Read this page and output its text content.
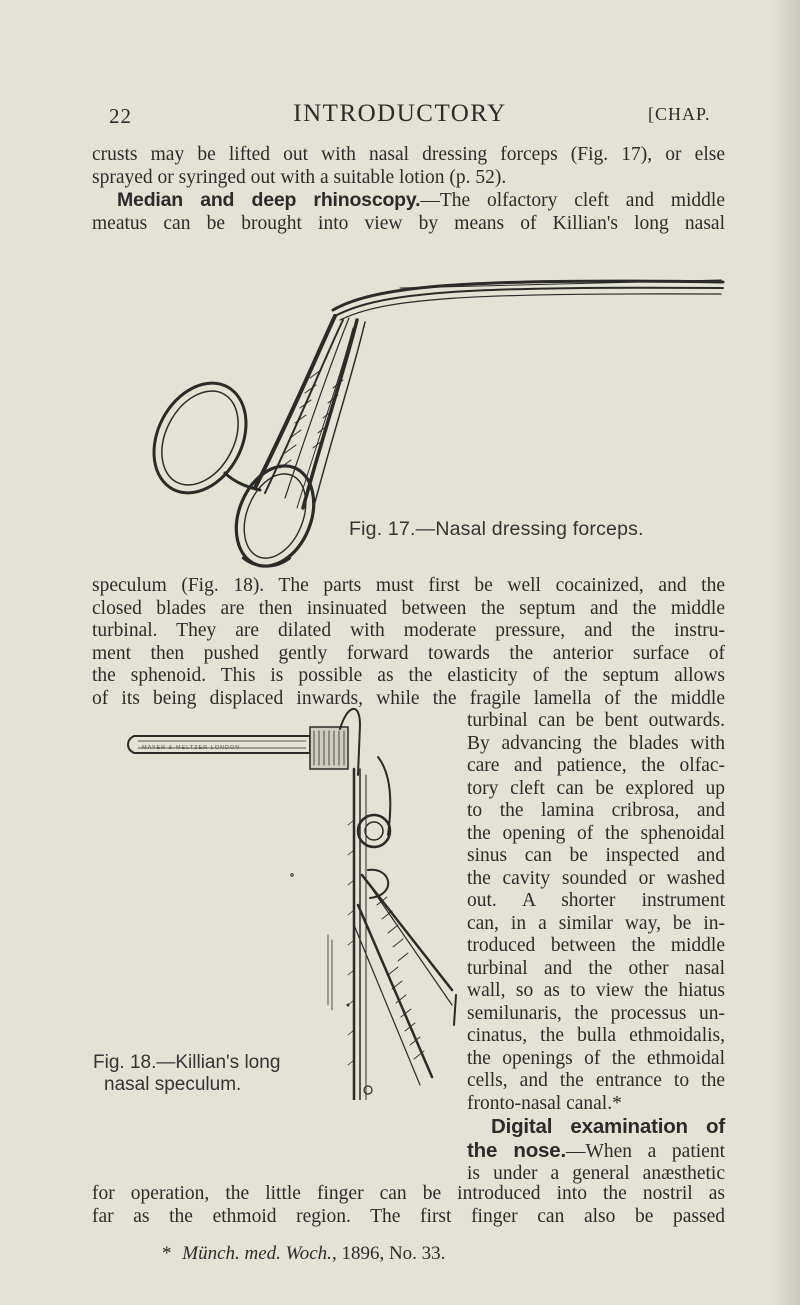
22	INTRODUCTORY	[CHAP.
crusts may be lifted out with nasal dressing forceps (Fig. 17), or else
sprayed or syringed out with a suitable lotion (p. 52).
Median and deep rhinoscopy.—The olfactory cleft and middle
meatus can be brought into view by means of Killian's long nasal
Fig. 17.—Nasal dressing forceps.
speculum (Fig. 18). The parts must first be well cocainized, and the
closed blades are then insinuated between the septum and the middle
turbinal. They are dilated with moderate pressure, and the instru-
ment then pushed gently forward towards the anterior surface of
the sphenoid. This is possible as the elasticity of the septum allows
of its being displaced inwards, while the fragile lamella of the middle
MAYER & MELTZER LONDON
Fig. 18.—Killian's long
nasal speculum.
turbinal can be bent outwards.
By advancing the blades with
care and patience, the olfac-
tory cleft can be explored up
to the lamina cribrosa, and
the opening of the sphenoidal
sinus can be inspected and
the cavity sounded or washed
out. A shorter instrument
can, in a similar way, be in-
troduced between the middle
turbinal and the other nasal
wall, so as to view the hiatus
semilunaris, the processus un-
cinatus, the bulla ethmoidalis,
the openings of the ethmoidal
cells, and the entrance to the
fronto-nasal canal.*
Digital examination of
the nose.—When a patient
is under a general anæsthetic
for operation, the little finger can be introduced into the nostril as
far as the ethmoid region. The first finger can also be passed
* Münch. med. Woch., 1896, No. 33.
